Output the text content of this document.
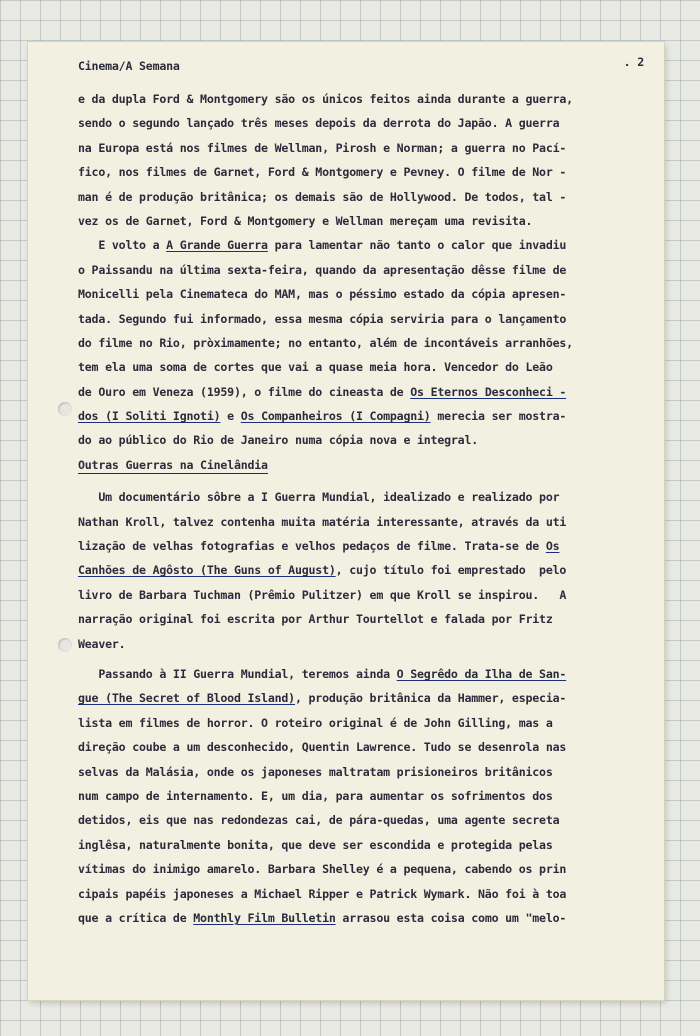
Cinema/A Semana	. 2
e da dupla Ford & Montgomery são os únicos feitos ainda durante a guerra,
sendo o segundo lançado três meses depois da derrota do Japão. A guerra
na Europa está nos filmes de Wellman, Pirosh e Norman; a guerra no Pací-
fico, nos filmes de Garnet, Ford & Montgomery e Pevney. O filme de Nor -
man é de produção britânica; os demais são de Hollywood. De todos, tal -
vez os de Garnet, Ford & Montgomery e Wellman mereçam uma revisita.
E volto a A Grande Guerra para lamentar não tanto o calor que invadiu
o Paissandu na última sexta-feira, quando da apresentação dêsse filme de
Monicelli pela Cinemateca do MAM, mas o péssimo estado da cópia apresen-
tada. Segundo fui informado, essa mesma cópia serviria para o lançamento
do filme no Rio, pròximamente; no entanto, além de incontáveis arranhões,
tem ela uma soma de cortes que vai a quase meia hora. Vencedor do Leão
de Ouro em Veneza (1959), o filme do cineasta de Os Eternos Desconheci -
dos (I Soliti Ignoti) e Os Companheiros (I Compagni) merecia ser mostra-
do ao público do Rio de Janeiro numa cópia nova e integral.
Outras Guerras na Cinelândia
Um documentário sôbre a I Guerra Mundial, idealizado e realizado por
Nathan Kroll, talvez contenha muita matéria interessante, através da uti
lização de velhas fotografias e velhos pedaços de filme. Trata-se de Os
Canhões de Agôsto (The Guns of August), cujo título foi emprestado  pelo
livro de Barbara Tuchman (Prêmio Pulitzer) em que Kroll se inspirou.   A
narração original foi escrita por Arthur Tourtellot e falada por Fritz
Weaver.
Passando à II Guerra Mundial, teremos ainda O Segrêdo da Ilha de San-
gue (The Secret of Blood Island), produção britânica da Hammer, especia-
lista em filmes de horror. O roteiro original é de John Gilling, mas a
direção coube a um desconhecido, Quentin Lawrence. Tudo se desenrola nas
selvas da Malásia, onde os japoneses maltratam prisioneiros britânicos
num campo de internamento. E, um dia, para aumentar os sofrimentos dos
detidos, eis que nas redondezas cai, de pára-quedas, uma agente secreta
inglêsa, naturalmente bonita, que deve ser escondida e protegida pelas
vítimas do inimigo amarelo. Barbara Shelley é a pequena, cabendo os prin
cipais papéis japoneses a Michael Ripper e Patrick Wymark. Não foi à toa
que a crítica de Monthly Film Bulletin arrasou esta coisa como um "melo-
